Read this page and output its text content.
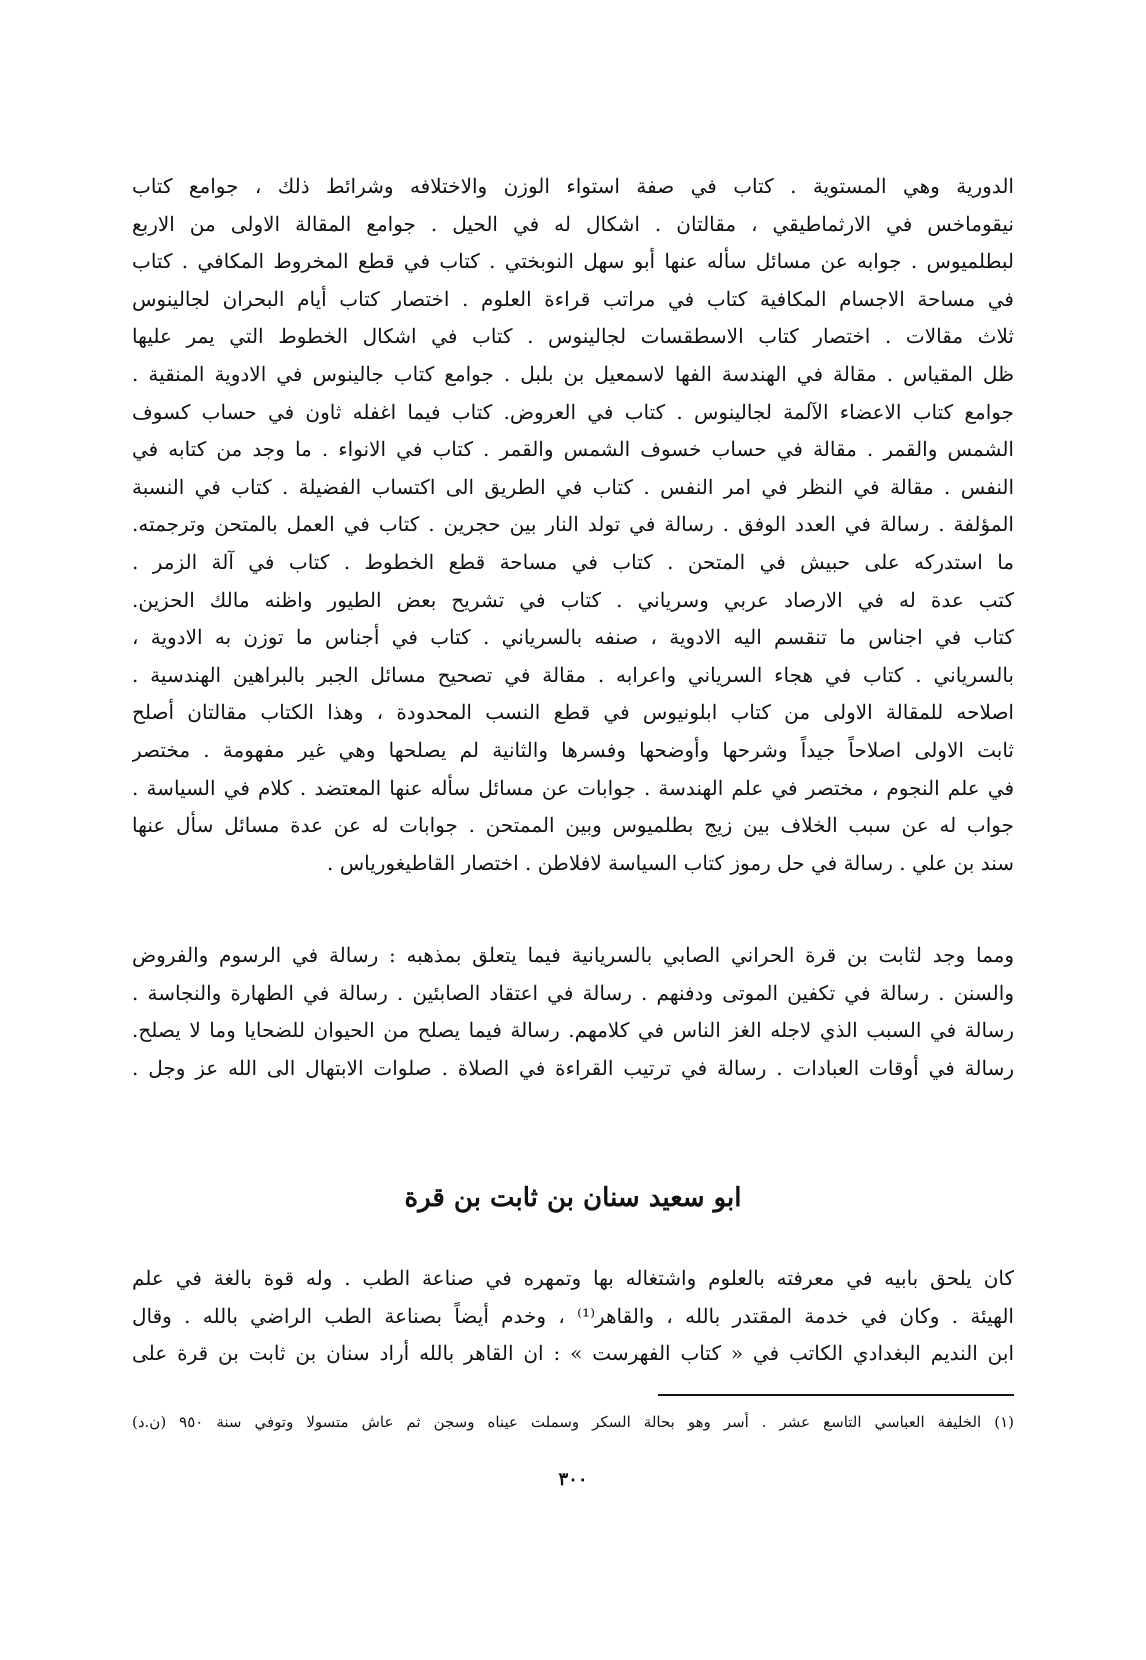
الدورية وهي المستوية . كتاب في صفة استواء الوزن والاختلافه وشرائط ذلك ، جوامع كتاب
نيقوماخس في الارثماطيقي ، مقالتان . اشكال له في الحيل . جوامع المقالة الاولى من الاربع
لبطلميوس . جوابه عن مسائل سأله عنها أبو سهل النوبختي . كتاب في قطع المخروط المكافي . كتاب
في مساحة الاجسام المكافية كتاب في مراتب قراءة العلوم . اختصار كتاب أيام البحران لجالينوس
ثلاث مقالات . اختصار كتاب الاسطقسات لجالينوس . كتاب في اشكال الخطوط التي يمر عليها
ظل المقياس . مقالة في الهندسة الفها لاسمعيل بن بلبل . جوامع كتاب جالينوس في الادوية المنقية .
جوامع كتاب الاعضاء الآلمة لجالينوس . كتاب في العروض. كتاب فيما اغفله ثاون في حساب كسوف
الشمس والقمر . مقالة في حساب خسوف الشمس والقمر . كتاب في الانواء . ما وجد من كتابه في
النفس . مقالة في النظر في امر النفس . كتاب في الطريق الى اكتساب الفضيلة . كتاب في النسبة
المؤلفة . رسالة في العدد الوفق . رسالة في تولد النار بين حجرين . كتاب في العمل بالمتحن وترجمته.
ما استدركه على حبيش في المتحن . كتاب في مساحة قطع الخطوط . كتاب في آلة الزمر .
كتب عدة له في الارصاد عربي وسرياني . كتاب في تشريح بعض الطيور واظنه مالك الحزين.
كتاب في اجناس ما تنقسم اليه الادوية ، صنفه بالسرياني . كتاب في أجناس ما توزن به الادوية ،
بالسرياني . كتاب في هجاء السرياني واعرابه . مقالة في تصحيح مسائل الجبر بالبراهين الهندسية .
اصلاحه للمقالة الاولى من كتاب ابلونيوس في قطع النسب المحدودة ، وهذا الكتاب مقالتان أصلح
ثابت الاولى اصلاحاً جيداً وشرحها وأوضحها وفسرها والثانية لم يصلحها وهي غير مفهومة . مختصر
في علم النجوم ، مختصر في علم الهندسة . جوابات عن مسائل سأله عنها المعتضد . كلام في السياسة .
جواب له عن سبب الخلاف بين زيج بطلميوس وبين الممتحن . جوابات له عن عدة مسائل سأل عنها
سند بن علي . رسالة في حل رموز كتاب السياسة لافلاطن . اختصار القاطيغورياس .
ومما وجد لثابت بن قرة الحراني الصابي بالسريانية فيما يتعلق بمذهبه : رسالة في الرسوم والفروض
والسنن . رسالة في تكفين الموتى ودفنهم . رسالة في اعتقاد الصابئين . رسالة في الطهارة والنجاسة .
رسالة في السبب الذي لاجله الغز الناس في كلامهم. رسالة فيما يصلح من الحيوان للضحايا وما لا يصلح.
رسالة في أوقات العبادات . رسالة في ترتيب القراءة في الصلاة . صلوات الابتهال الى الله عز وجل .
ابو سعيد سنان بن ثابت بن قرة
كان يلحق بابيه في معرفته بالعلوم واشتغاله بها وتمهره في صناعة الطب . وله قوة بالغة في علم
الهيئة . وكان في خدمة المقتدر بالله ، والقاهر⁽¹⁾ ، وخدم أيضاً بصناعة الطب الراضي بالله . وقال
ابن النديم البغدادي الكاتب في « كتاب الفهرست » : ان القاهر بالله أراد سنان بن ثابت بن قرة على
(١) الخليفة العباسي التاسع عشر . أسر وهو بحالة السكر وسملت عيناه وسجن ثم عاش متسولا وتوفي سنة ٩٥٠ (ن.د)
٣٠٠
